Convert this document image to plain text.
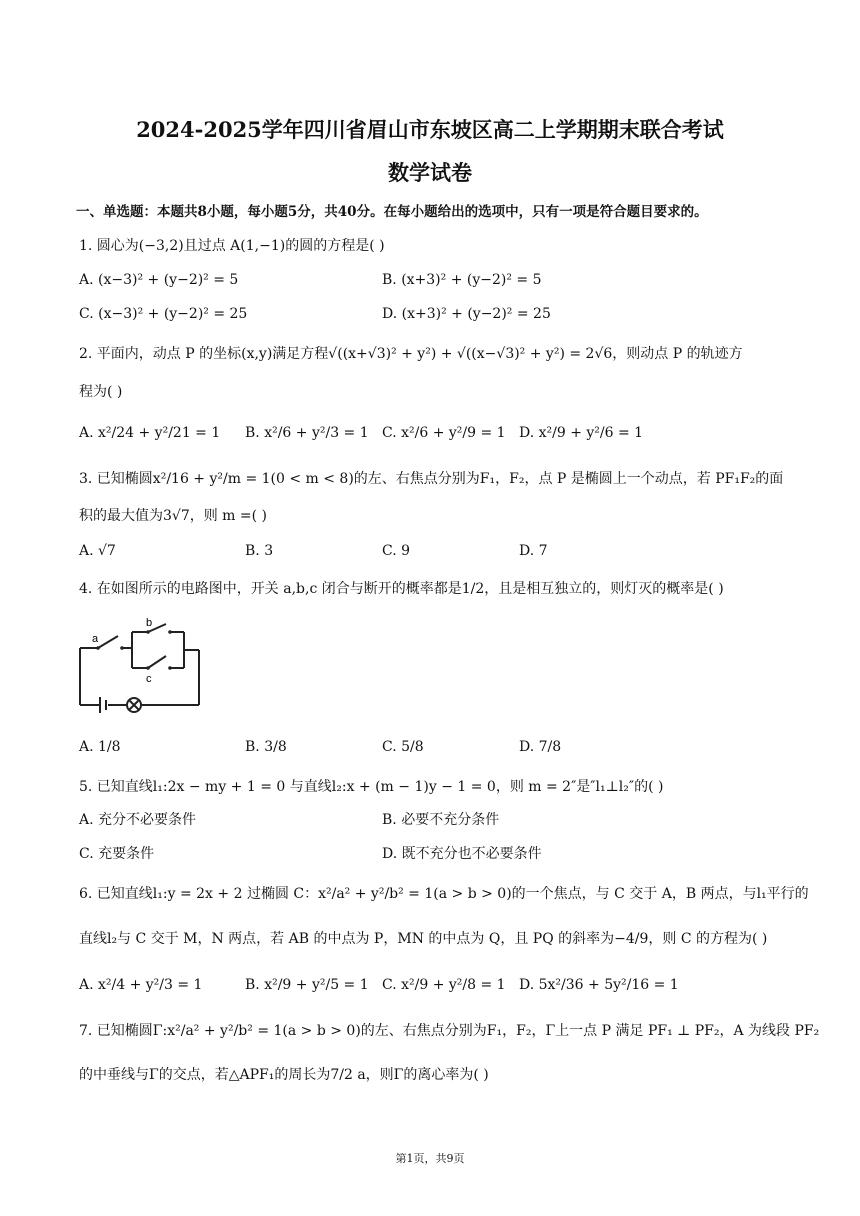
2024-2025学年四川省眉山市东坡区高二上学期期末联合考试
数学试卷
一、单选题：本题共8小题，每小题5分，共40分。在每小题给出的选项中，只有一项是符合题目要求的。
1. 圆心为(−3,2)且过点 A(1,−1)的圆的方程是( )
A. (x−3)² + (y−2)² = 5	B. (x+3)² + (y−2)² = 5
C. (x−3)² + (y−2)² = 25	D. (x+3)² + (y−2)² = 25
2. 平面内，动点 P 的坐标(x,y)满足方程√((x+√3)² + y²) + √((x−√3)² + y²) = 2√6，则动点 P 的轨迹方
程为( )
A. x²/24 + y²/21 = 1 B. x²/6 + y²/3 = 1 C. x²/6 + y²/9 = 1 D. x²/9 + y²/6 = 1
3. 已知椭圆x²/16 + y²/m = 1(0 < m < 8)的左、右焦点分别为F₁，F₂，点 P 是椭圆上一个动点，若 PF₁F₂的面
积的最大值为3√7，则 m =( )
A. √7	B. 3	C. 9	D. 7
4. 在如图所示的电路图中，开关 a,b,c 闭合与断开的概率都是1/2，且是相互独立的，则灯灭的概率是( )
a
b
c
A. 1/8	B. 3/8	C. 5/8	D. 7/8
5. 已知直线l₁:2x − my + 1 = 0 与直线l₂:x + (m − 1)y − 1 = 0，则 m = 2″是″l₁⊥l₂″的( )
A. 充分不必要条件	B. 必要不充分条件
C. 充要条件	D. 既不充分也不必要条件
6. 已知直线l₁:y = 2x + 2 过椭圆 C：x²/a² + y²/b² = 1(a > b > 0)的一个焦点，与 C 交于 A，B 两点，与l₁平行的
直线l₂与 C 交于 M，N 两点，若 AB 的中点为 P，MN 的中点为 Q，且 PQ 的斜率为−4/9，则 C 的方程为( )
A. x²/4 + y²/3 = 1	B. x²/9 + y²/5 = 1 C. x²/9 + y²/8 = 1 D. 5x²/36 + 5y²/16 = 1
7. 已知椭圆Γ:x²/a² + y²/b² = 1(a > b > 0)的左、右焦点分别为F₁，F₂，Γ上一点 P 满足 PF₁ ⊥ PF₂，A 为线段 PF₂
的中垂线与Γ的交点，若△APF₁的周长为7/2 a，则Γ的离心率为( )
第1页，共9页
